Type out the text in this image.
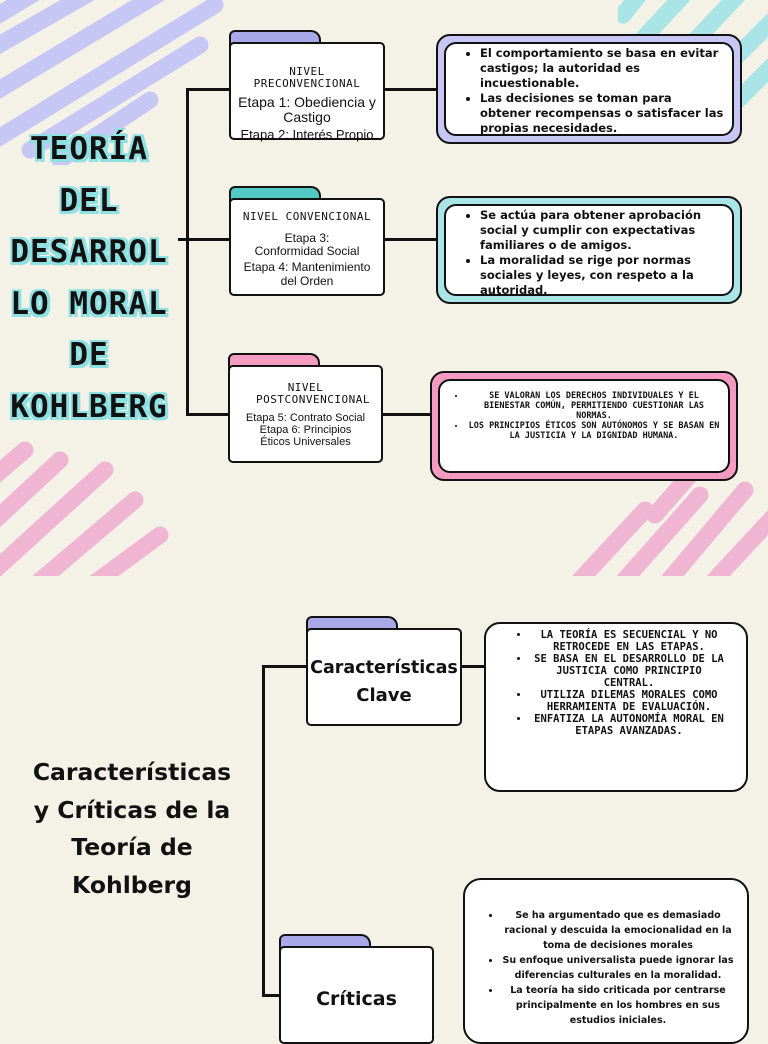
TEORÍA
DEL
DESARROL
LO MORAL
DE
KOHLBERG
NIVEL PRECONVENCIONAL
Etapa 1: Obediencia y Castigo
Etapa 2: Interés Propio
NIVEL CONVENCIONAL
Etapa 3: Conformidad Social
Etapa 4: Mantenimiento del Orden
NIVEL POSTCONVENCIONAL
Etapa 5: Contrato Social
Etapa 6: Principios Éticos Universales
• El comportamiento se basa en evitar castigos; la autoridad es incuestionable.
• Las decisiones se toman para obtener recompensas o satisfacer las propias necesidades.
• Se actúa para obtener aprobación social y cumplir con expectativas familiares o de amigos.
• La moralidad se rige por normas sociales y leyes, con respeto a la autoridad.
• SE VALORAN LOS DERECHOS INDIVIDUALES Y EL BIENESTAR COMÚN, PERMITIENDO CUESTIONAR LAS NORMAS.
• LOS PRINCIPIOS ÉTICOS SON AUTÓNOMOS Y SE BASAN EN LA JUSTICIA Y LA DIGNIDAD HUMANA.
Características
y Críticas de la
Teoría de
Kohlberg
Características
Clave
Críticas
• LA TEORÍA ES SECUENCIAL Y NO RETROCEDE EN LAS ETAPAS.
• SE BASA EN EL DESARROLLO DE LA JUSTICIA COMO PRINCIPIO CENTRAL.
• UTILIZA DILEMAS MORALES COMO HERRAMIENTA DE EVALUACIÓN.
• ENFATIZA LA AUTONOMÍA MORAL EN ETAPAS AVANZADAS.
• Se ha argumentado que es demasiado racional y descuida la emocionalidad en la toma de decisiones morales
• Su enfoque universalista puede ignorar las diferencias culturales en la moralidad.
• La teoría ha sido criticada por centrarse principalmente en los hombres en sus estudios iniciales.
